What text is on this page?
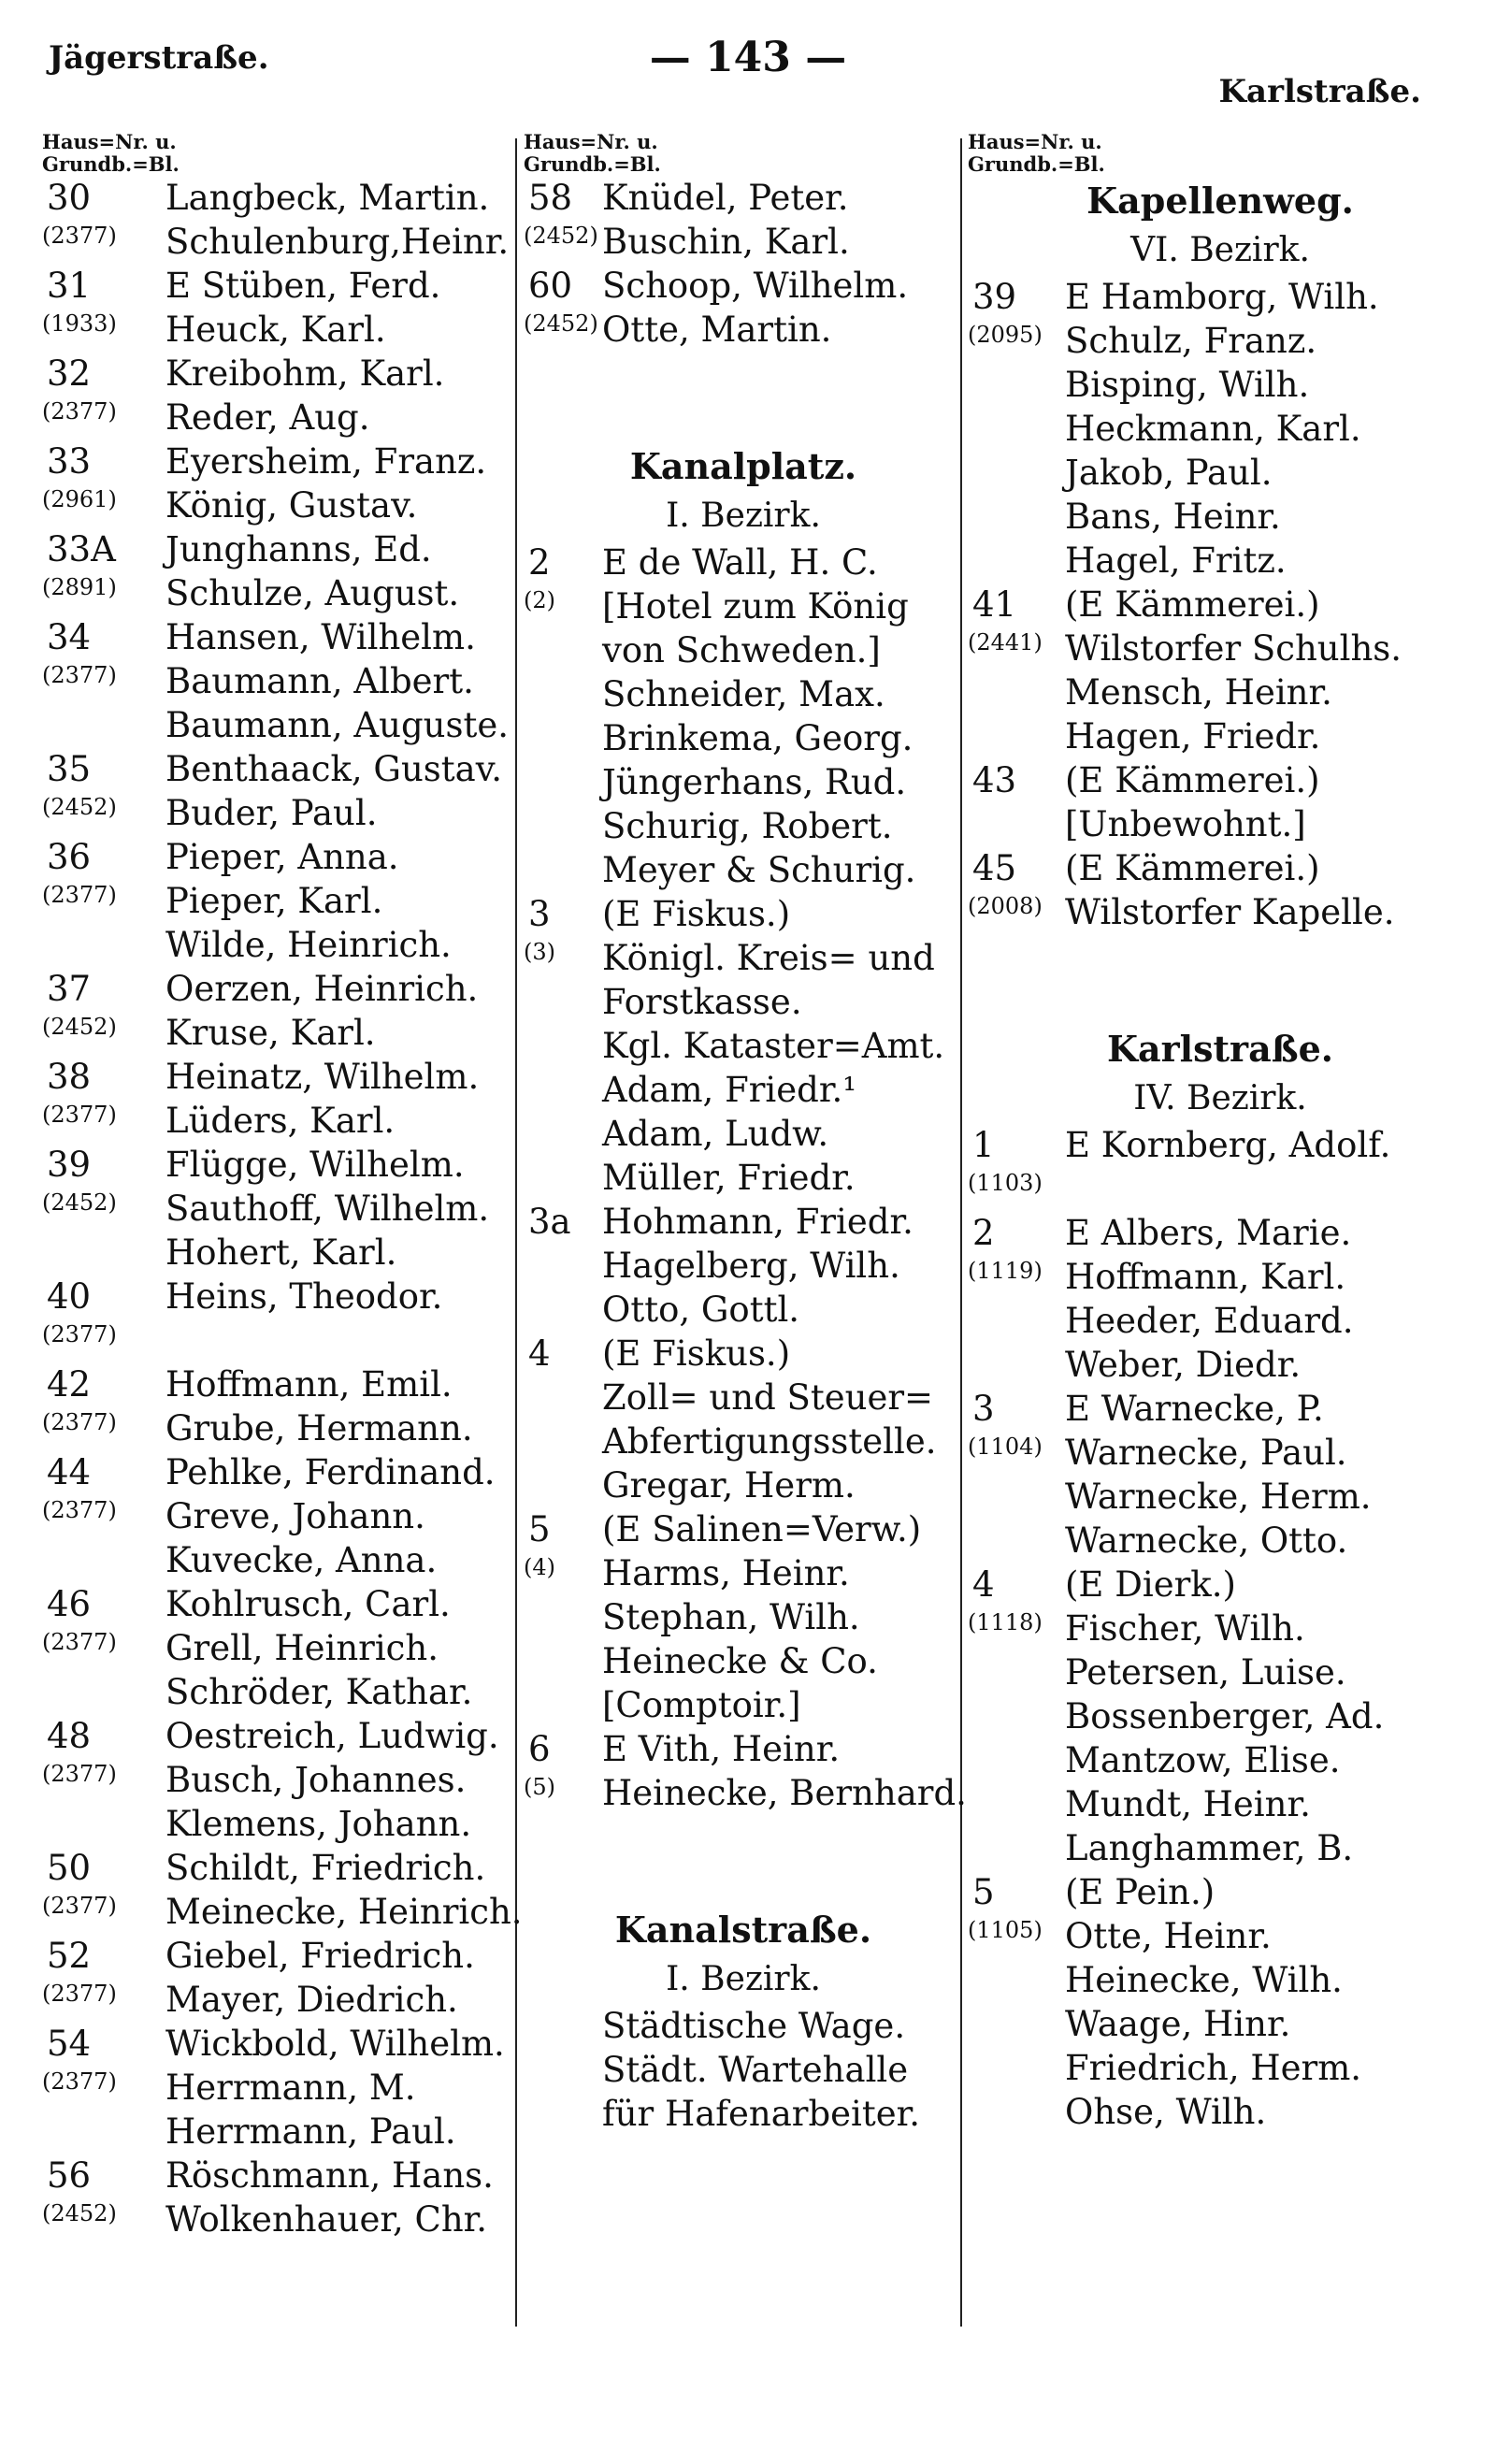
Jägerstraße.	— 143 —
Karlstraße.
Haus=Nr. u.
Grundb.=Bl.
30 Langbeck, Martin.
(2377) Schulenburg,Heinr.
31 E Stüben, Ferd.
(1933) Heuck, Karl.
32 Kreibohm, Karl.
(2377) Reder, Aug.
33 Eyersheim, Franz.
(2961) König, Gustav.
33A Junghanns, Ed.
(2891) Schulze, August.
34 Hansen, Wilhelm.
(2377) Baumann, Albert.
Baumann, Auguste.
35 Benthaack, Gustav.
(2452) Buder, Paul.
36 Pieper, Anna.
(2377) Pieper, Karl.
Wilde, Heinrich.
37 Oerzen, Heinrich.
(2452) Kruse, Karl.
38 Heinatz, Wilhelm.
(2377) Lüders, Karl.
39 Flügge, Wilhelm.
(2452) Sauthoff, Wilhelm.
Hohert, Karl.
40 Heins, Theodor.
(2377)
42 Hoffmann, Emil.
(2377) Grube, Hermann.
44 Pehlke, Ferdinand.
(2377) Greve, Johann.
Kuvecke, Anna.
46 Kohlrusch, Carl.
(2377) Grell, Heinrich.
Schröder, Kathar.
48 Oestreich, Ludwig.
(2377) Busch, Johannes.
Klemens, Johann.
50 Schildt, Friedrich.
(2377) Meinecke, Heinrich.
52 Giebel, Friedrich.
(2377) Mayer, Diedrich.
54 Wickbold, Wilhelm.
(2377) Herrmann, M.
Herrmann, Paul.
56 Röschmann, Hans.
(2452) Wolkenhauer, Chr.
Haus=Nr. u.
Grundb.=Bl.
58 Knüdel, Peter.
(2452) Buschin, Karl.
60 Schoop, Wilhelm.
(2452) Otte, Martin.
Kanalplatz.
I. Bezirk.
2 E de Wall, H. C.
(2) [Hotel zum König
von Schweden.]
Schneider, Max.
Brinkema, Georg.
Jüngerhans, Rud.
Schurig, Robert.
Meyer & Schurig.
3 (E Fiskus.)
(3) Königl. Kreis= und
Forstkasse.
Kgl. Kataster=Amt.
Adam, Friedr.¹
Adam, Ludw.
Müller, Friedr.
3a Hohmann, Friedr.
Hagelberg, Wilh.
Otto, Gottl.
4 (E Fiskus.)
Zoll= und Steuer=
Abfertigungsstelle.
Gregar, Herm.
5 (E Salinen=Verw.)
(4) Harms, Heinr.
Stephan, Wilh.
Heinecke & Co.
[Comptoir.]
6 E Vith, Heinr.
(5) Heinecke, Bernhard.
Kanalstraße.
I. Bezirk.
Städtische Wage.
Städt. Wartehalle
für Hafenarbeiter.
Haus=Nr. u.
Grundb.=Bl.
Kapellenweg.
VI. Bezirk.
39 E Hamborg, Wilh.
(2095) Schulz, Franz.
Bisping, Wilh.
Heckmann, Karl.
Jakob, Paul.
Bans, Heinr.
Hagel, Fritz.
41 (E Kämmerei.)
(2441) Wilstorfer Schulhs.
Mensch, Heinr.
Hagen, Friedr.
43 (E Kämmerei.)
[Unbewohnt.]
45 (E Kämmerei.)
(2008) Wilstorfer Kapelle.
Karlstraße.
IV. Bezirk.
1 E Kornberg, Adolf.
(1103)
2 E Albers, Marie.
(1119) Hoffmann, Karl.
Heeder, Eduard.
Weber, Diedr.
3 E Warnecke, P.
(1104) Warnecke, Paul.
Warnecke, Herm.
Warnecke, Otto.
4 (E Dierk.)
(1118) Fischer, Wilh.
Petersen, Luise.
Bossenberger, Ad.
Mantzow, Elise.
Mundt, Heinr.
Langhammer, B.
5 (E Pein.)
(1105) Otte, Heinr.
Heinecke, Wilh.
Waage, Hinr.
Friedrich, Herm.
Ohse, Wilh.
